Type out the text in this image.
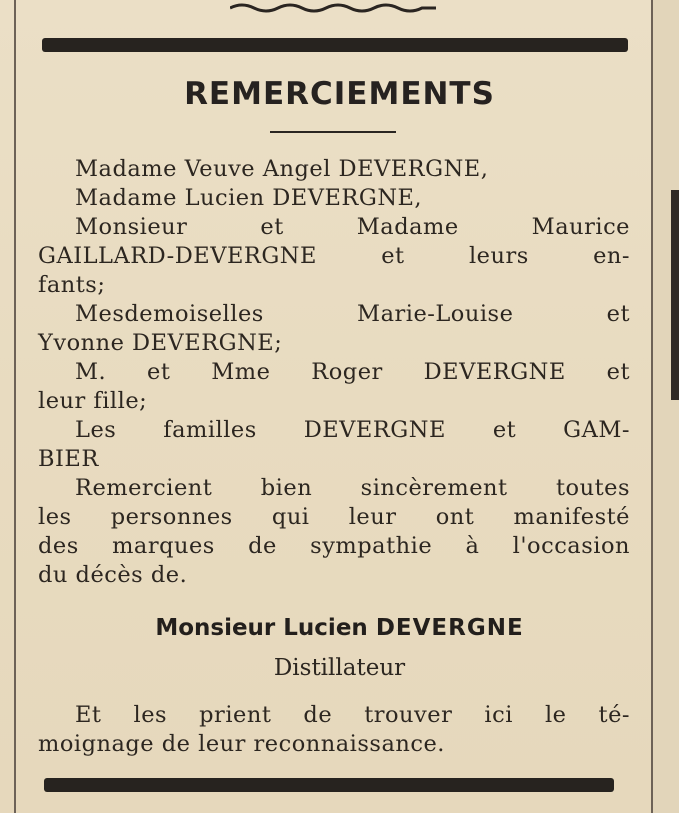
REMERCIEMENTS
Madame Veuve Angel DEVERGNE,
Madame Lucien DEVERGNE,
Monsieur et Madame Maurice
GAILLARD-DEVERGNE et leurs en-
fants;
Mesdemoiselles Marie-Louise et
Yvonne DEVERGNE;
M. et Mme Roger DEVERGNE et
leur fille;
Les familles DEVERGNE et GAM-
BIER
Remercient bien sincèrement toutes
les personnes qui leur ont manifesté
des marques de sympathie à l'occasion
du décès de.
Monsieur Lucien DEVERGNE
Distillateur
Et les prient de trouver ici le té-
moignage de leur reconnaissance.
